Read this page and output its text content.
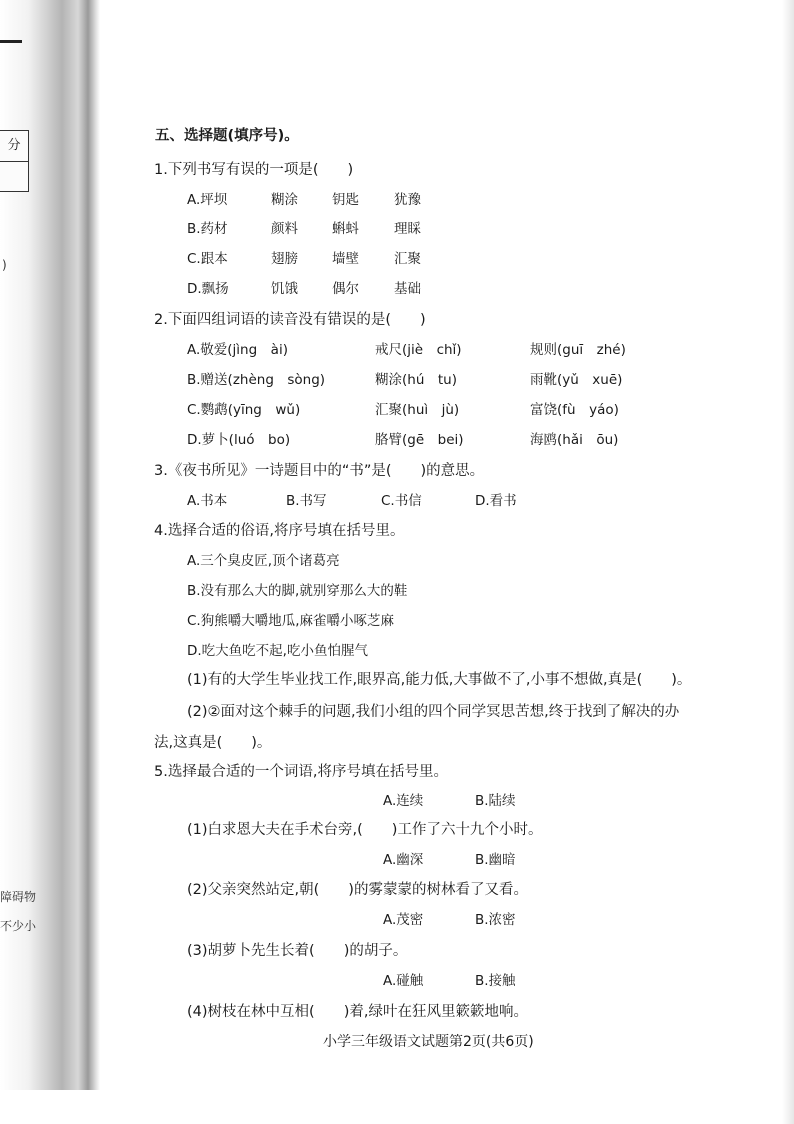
分
)
障碍物
不少小
五、选择题(填序号)。
1.下列书写有误的一项是(　　)
A.坪坝	糊涂	钥匙	犹豫
B.药材	颜料	蝌蚪	理睬
C.跟本	翅膀	墙壁	汇聚
D.飘扬	饥饿	偶尔	基础
2.下面四组词语的读音没有错误的是(　　)
A.敬爱(jìng　ài)	戒尺(jiè　chǐ)	规则(guī　zhé)
B.赠送(zhèng　sòng)	糊涂(hú　tu)	雨靴(yǔ　xuē)
C.鹦鹉(yīng　wǔ)	汇聚(huì　jù)	富饶(fù　yáo)
D.萝卜(luó　bo)	胳臂(gē　bei)	海鸥(hǎi　ōu)
3.《夜书所见》一诗题目中的“书”是(　　)的意思。
A.书本	B.书写	C.书信	D.看书
4.选择合适的俗语,将序号填在括号里。
A.三个臭皮匠,顶个诸葛亮
B.没有那么大的脚,就别穿那么大的鞋
C.狗熊嚼大嚼地瓜,麻雀嚼小啄芝麻
D.吃大鱼吃不起,吃小鱼怕腥气
(1)有的大学生毕业找工作,眼界高,能力低,大事做不了,小事不想做,真是(　　)。
(2)②面对这个棘手的问题,我们小组的四个同学冥思苦想,终于找到了解决的办
法,这真是(　　)。
5.选择最合适的一个词语,将序号填在括号里。
A.连续	B.陆续
(1)白求恩大夫在手术台旁,(　　)工作了六十九个小时。
A.幽深	B.幽暗
(2)父亲突然站定,朝(　　)的雾蒙蒙的树林看了又看。
A.茂密	B.浓密
(3)胡萝卜先生长着(　　)的胡子。
A.碰触	B.接触
(4)树枝在林中互相(　　)着,绿叶在狂风里簌簌地响。
小学三年级语文试题第2页(共6页)
